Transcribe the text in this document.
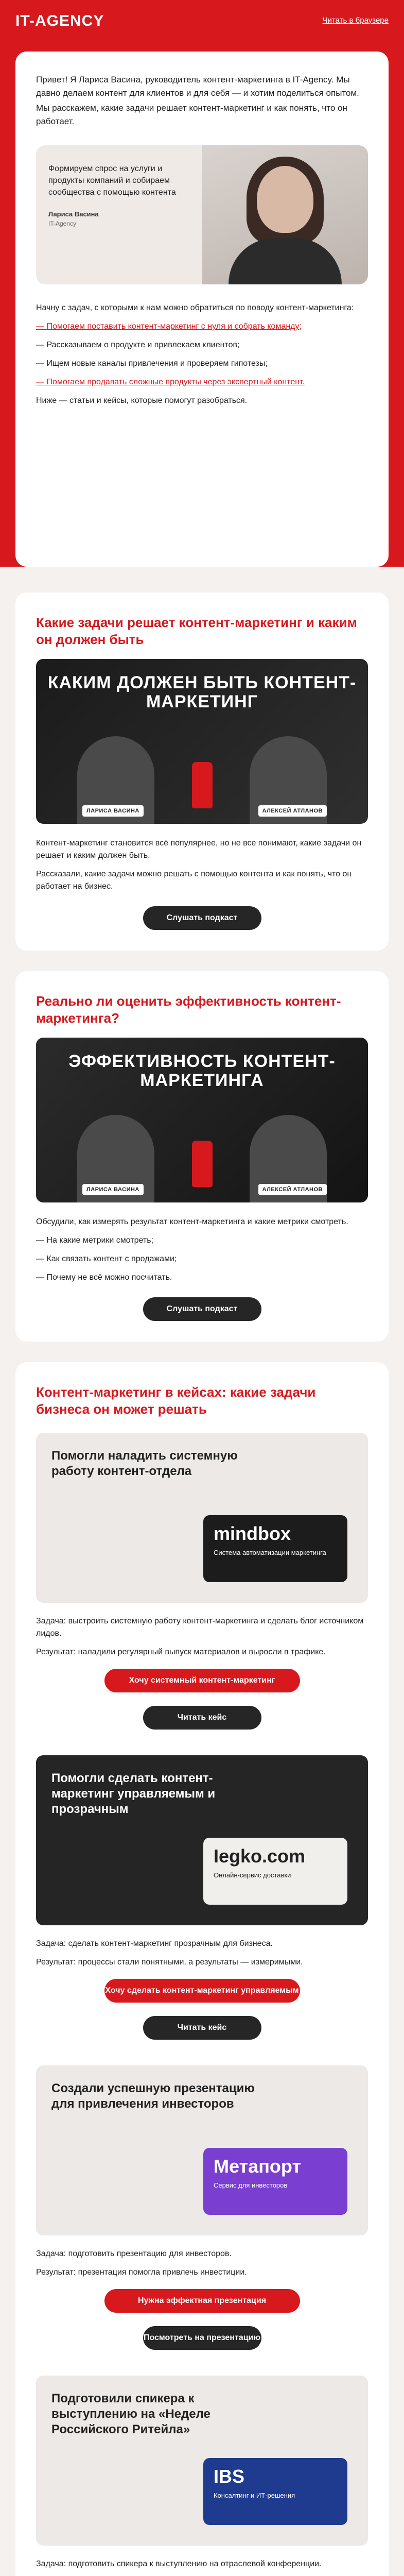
IT-AGENCY	Читать в браузере

Привет! Я Лариса Васина, руководитель контент-маркетинга в IT-Agency. Мы давно делаем контент для клиентов и для себя — и хотим поделиться опытом.

Мы расскажем, какие задачи решает контент-маркетинг и как понять, что он работает.

Формируем спрос на услуги и продукты компаний и собираем сообщества с помощью контента
Лариса Васина
IT-Agency

Начну с задач, с которыми к нам можно обратиться по поводу контент-маркетинга:

— Помогаем поставить контент-маркетинг с нуля и собрать команду;

— Рассказываем о продукте и привлекаем клиентов;

— Ищем новые каналы привлечения и проверяем гипотезы;

— Помогаем продавать сложные продукты через экспертный контент.

Ниже — статьи и кейсы, которые помогут разобраться.

Какие задачи решает контент-маркетинг и каким он должен быть
КАКИМ ДОЛЖЕН БЫТЬ КОНТЕНТ-МАРКЕТИНГ
ЛАРИСА ВАСИНА	АЛЕКСЕЙ АТЛАНОВ

Контент-маркетинг становится всё популярнее, но не все понимают, какие задачи он решает и каким должен быть.

Рассказали, какие задачи можно решать с помощью контента и как понять, что он работает на бизнес.

Слушать подкаст
Реально ли оценить эффективность контент-маркетинга?
ЭФФЕКТИВНОСТЬ КОНТЕНТ-МАРКЕТИНГА
ЛАРИСА ВАСИНА	АЛЕКСЕЙ АТЛАНОВ

Обсудили, как измерять результат контент-маркетинга и какие метрики смотреть.

— На какие метрики смотреть;

— Как связать контент с продажами;

— Почему не всё можно посчитать.

Слушать подкаст
Контент-маркетинг в кейсах: какие задачи бизнеса он может решать
Помогли наладить системную работу контент-отдела
mindbox
Система автоматизации маркетинга

Задача: выстроить системную работу контент-маркетинга и сделать блог источником лидов.

Результат: наладили регулярный выпуск материалов и выросли в трафике.

Хочу системный контент-маркетинг
Читать кейс
Помогли сделать контент-маркетинг управляемым и прозрачным
Iegko.com
Онлайн-сервис доставки

Задача: сделать контент-маркетинг прозрачным для бизнеса.

Результат: процессы стали понятными, а результаты — измеримыми.

Хочу сделать контент-маркетинг управляемым
Читать кейс
Создали успешную презентацию для привлечения инвесторов
Метапорт
Сервис для инвесторов

Задача: подготовить презентацию для инвесторов.

Результат: презентация помогла привлечь инвестиции.

Нужна эффектная презентация
Посмотреть на презентацию
Подготовили спикера к выступлению на «Неделе Российского Ритейла»
IBS
Консалтинг и ИТ-решения

Задача: подготовить спикера к выступлению на отраслевой конференции.
